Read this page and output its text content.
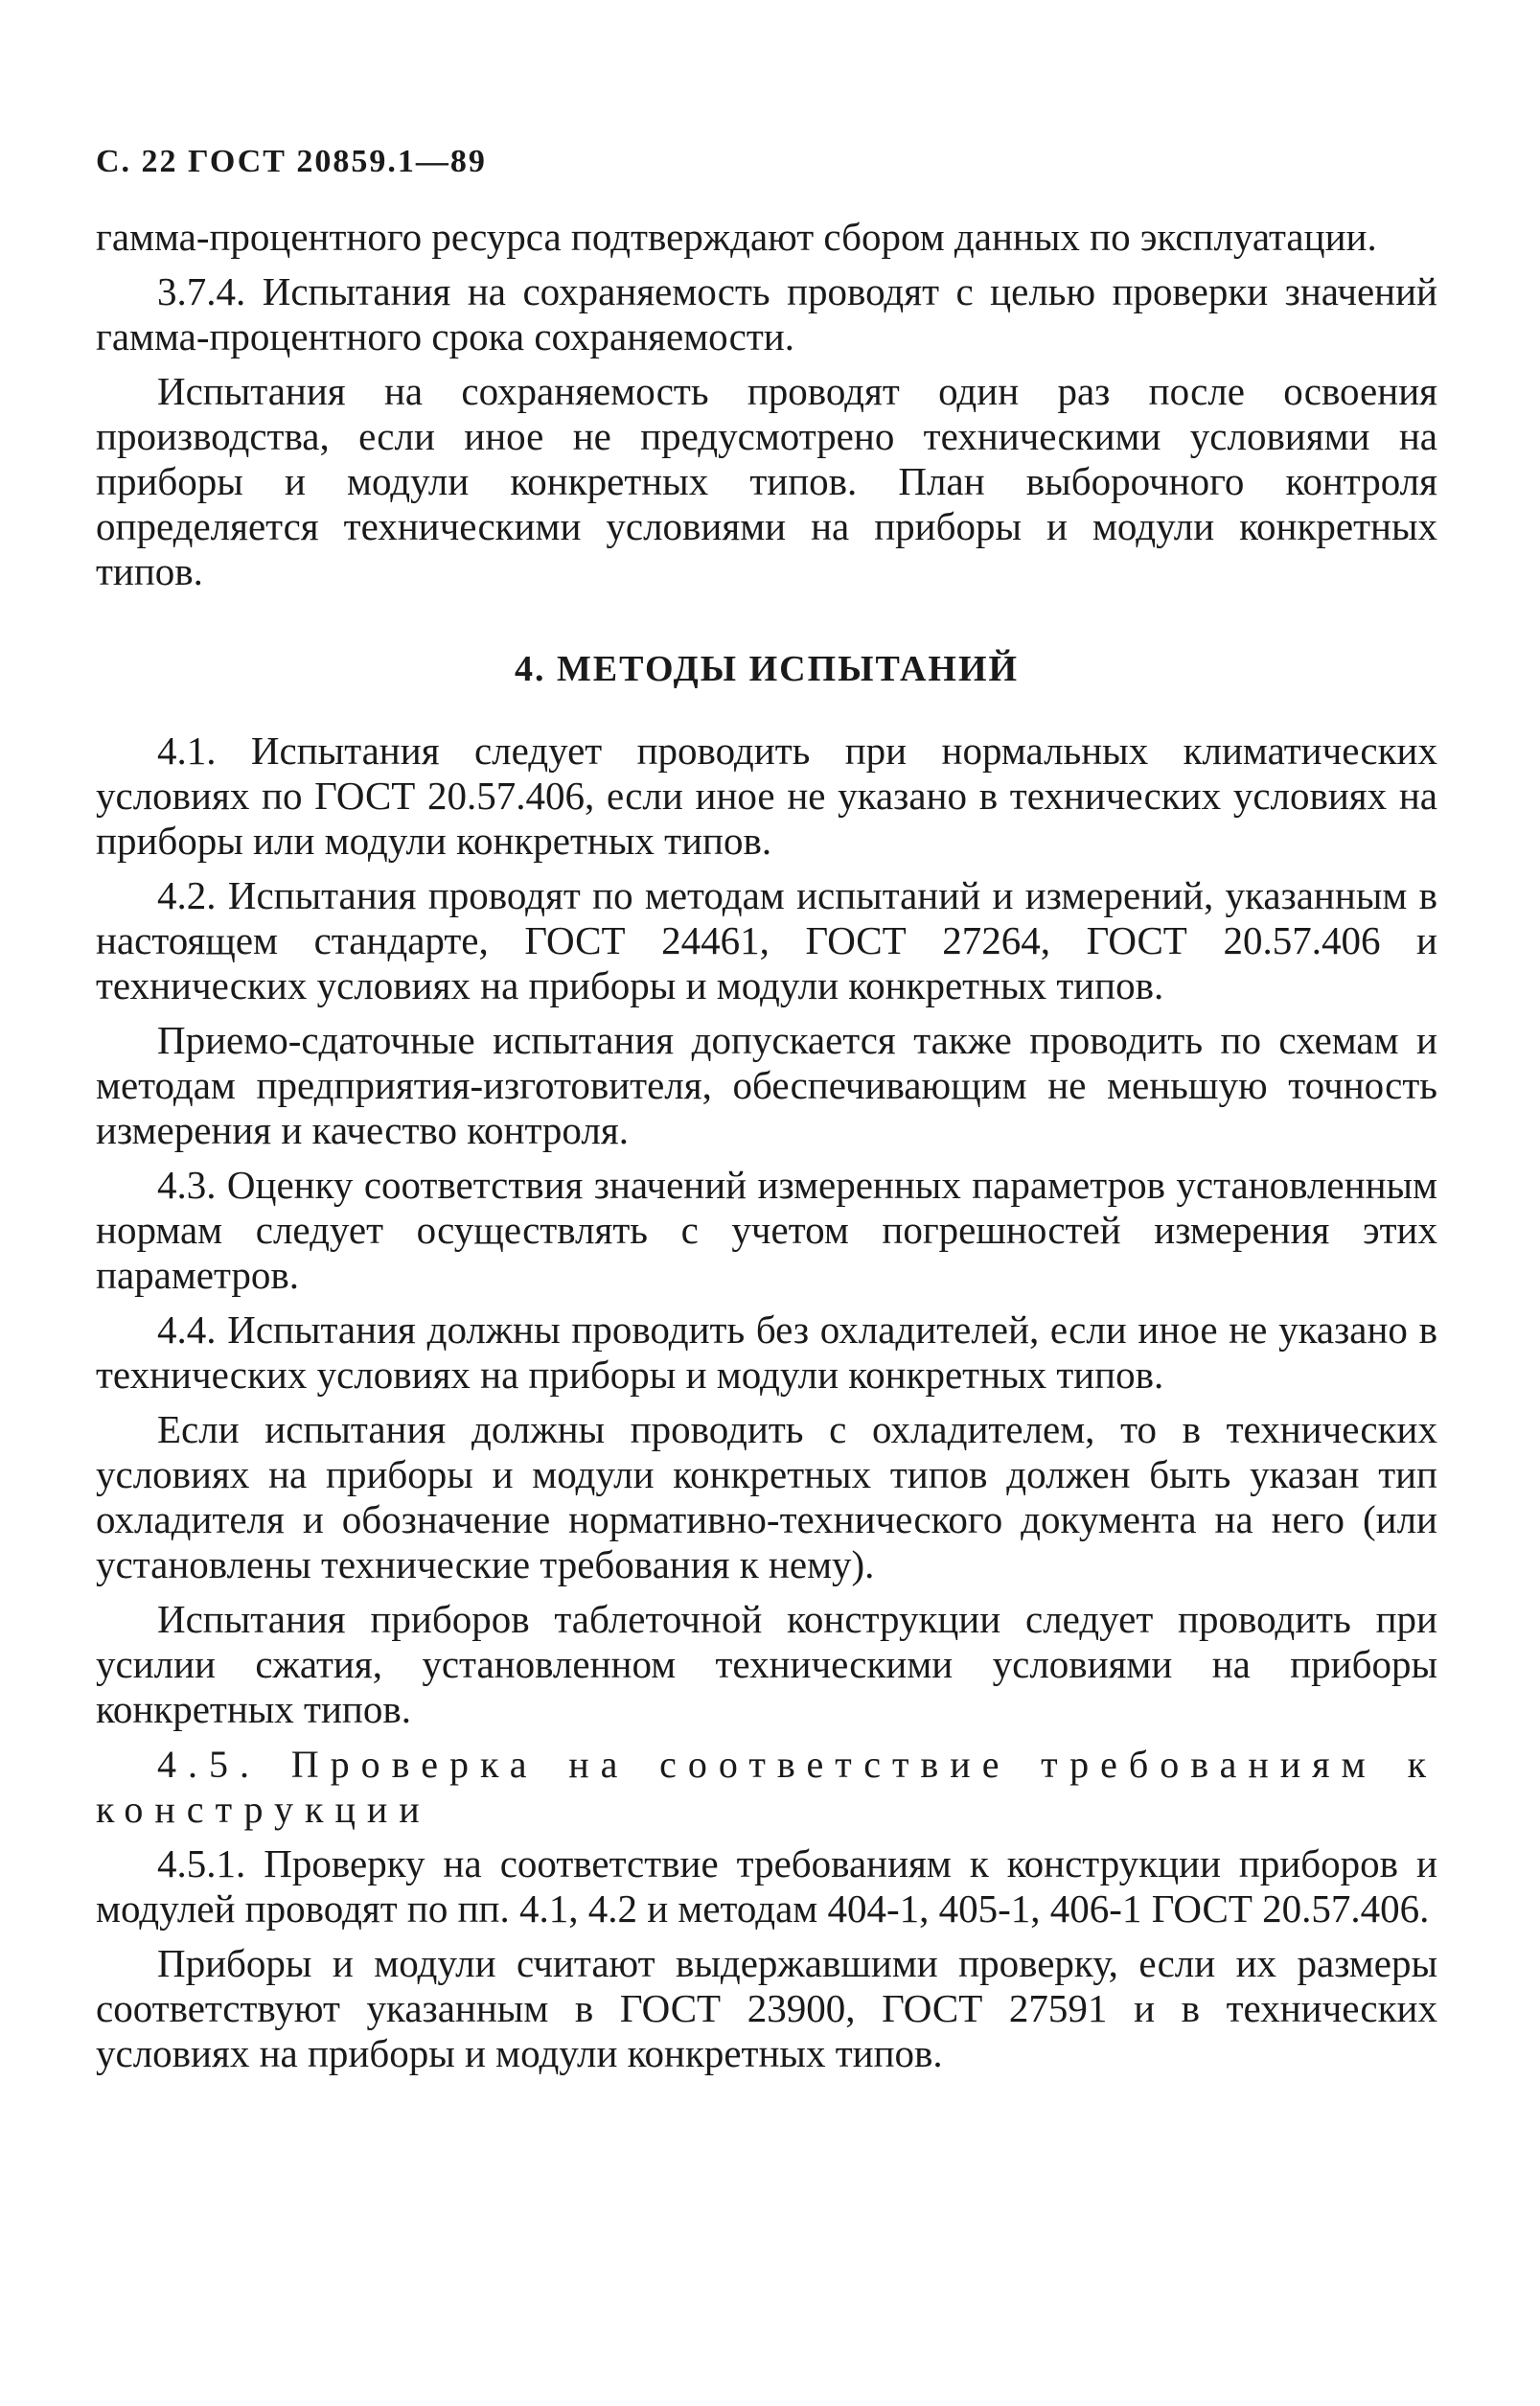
С. 22 ГОСТ 20859.1—89

гамма-процентного ресурса подтверждают сбором данных по эксплуатации.

3.7.4. Испытания на сохраняемость проводят с целью проверки значений гамма-процентного срока сохраняемости.

Испытания на сохраняемость проводят один раз после освоения производства, если иное не предусмотрено техническими условиями на приборы и модули конкретных типов. План выборочного контроля определяется техническими условиями на приборы и модули конкретных типов.

4. МЕТОДЫ ИСПЫТАНИЙ

4.1. Испытания следует проводить при нормальных климатических условиях по ГОСТ 20.57.406, если иное не указано в технических условиях на приборы или модули конкретных типов.

4.2. Испытания проводят по методам испытаний и измерений, указанным в настоящем стандарте, ГОСТ 24461, ГОСТ 27264, ГОСТ 20.57.406 и технических условиях на приборы и модули конкретных типов.

Приемо-сдаточные испытания допускается также проводить по схемам и методам предприятия-изготовителя, обеспечивающим не меньшую точность измерения и качество контроля.

4.3. Оценку соответствия значений измеренных параметров установленным нормам следует осуществлять с учетом погрешностей измерения этих параметров.

4.4. Испытания должны проводить без охладителей, если иное не указано в технических условиях на приборы и модули конкретных типов.

Если испытания должны проводить с охладителем, то в технических условиях на приборы и модули конкретных типов должен быть указан тип охладителя и обозначение нормативно-технического документа на него (или установлены технические требования к нему).

Испытания приборов таблеточной конструкции следует проводить при усилии сжатия, установленном техническими условиями на приборы конкретных типов.

4.5. Проверка на соответствие требованиям к конструкции

4.5.1. Проверку на соответствие требованиям к конструкции приборов и модулей проводят по пп. 4.1, 4.2 и методам 404-1, 405-1, 406-1 ГОСТ 20.57.406.

Приборы и модули считают выдержавшими проверку, если их размеры соответствуют указанным в ГОСТ 23900, ГОСТ 27591 и в технических условиях на приборы и модули конкретных типов.
